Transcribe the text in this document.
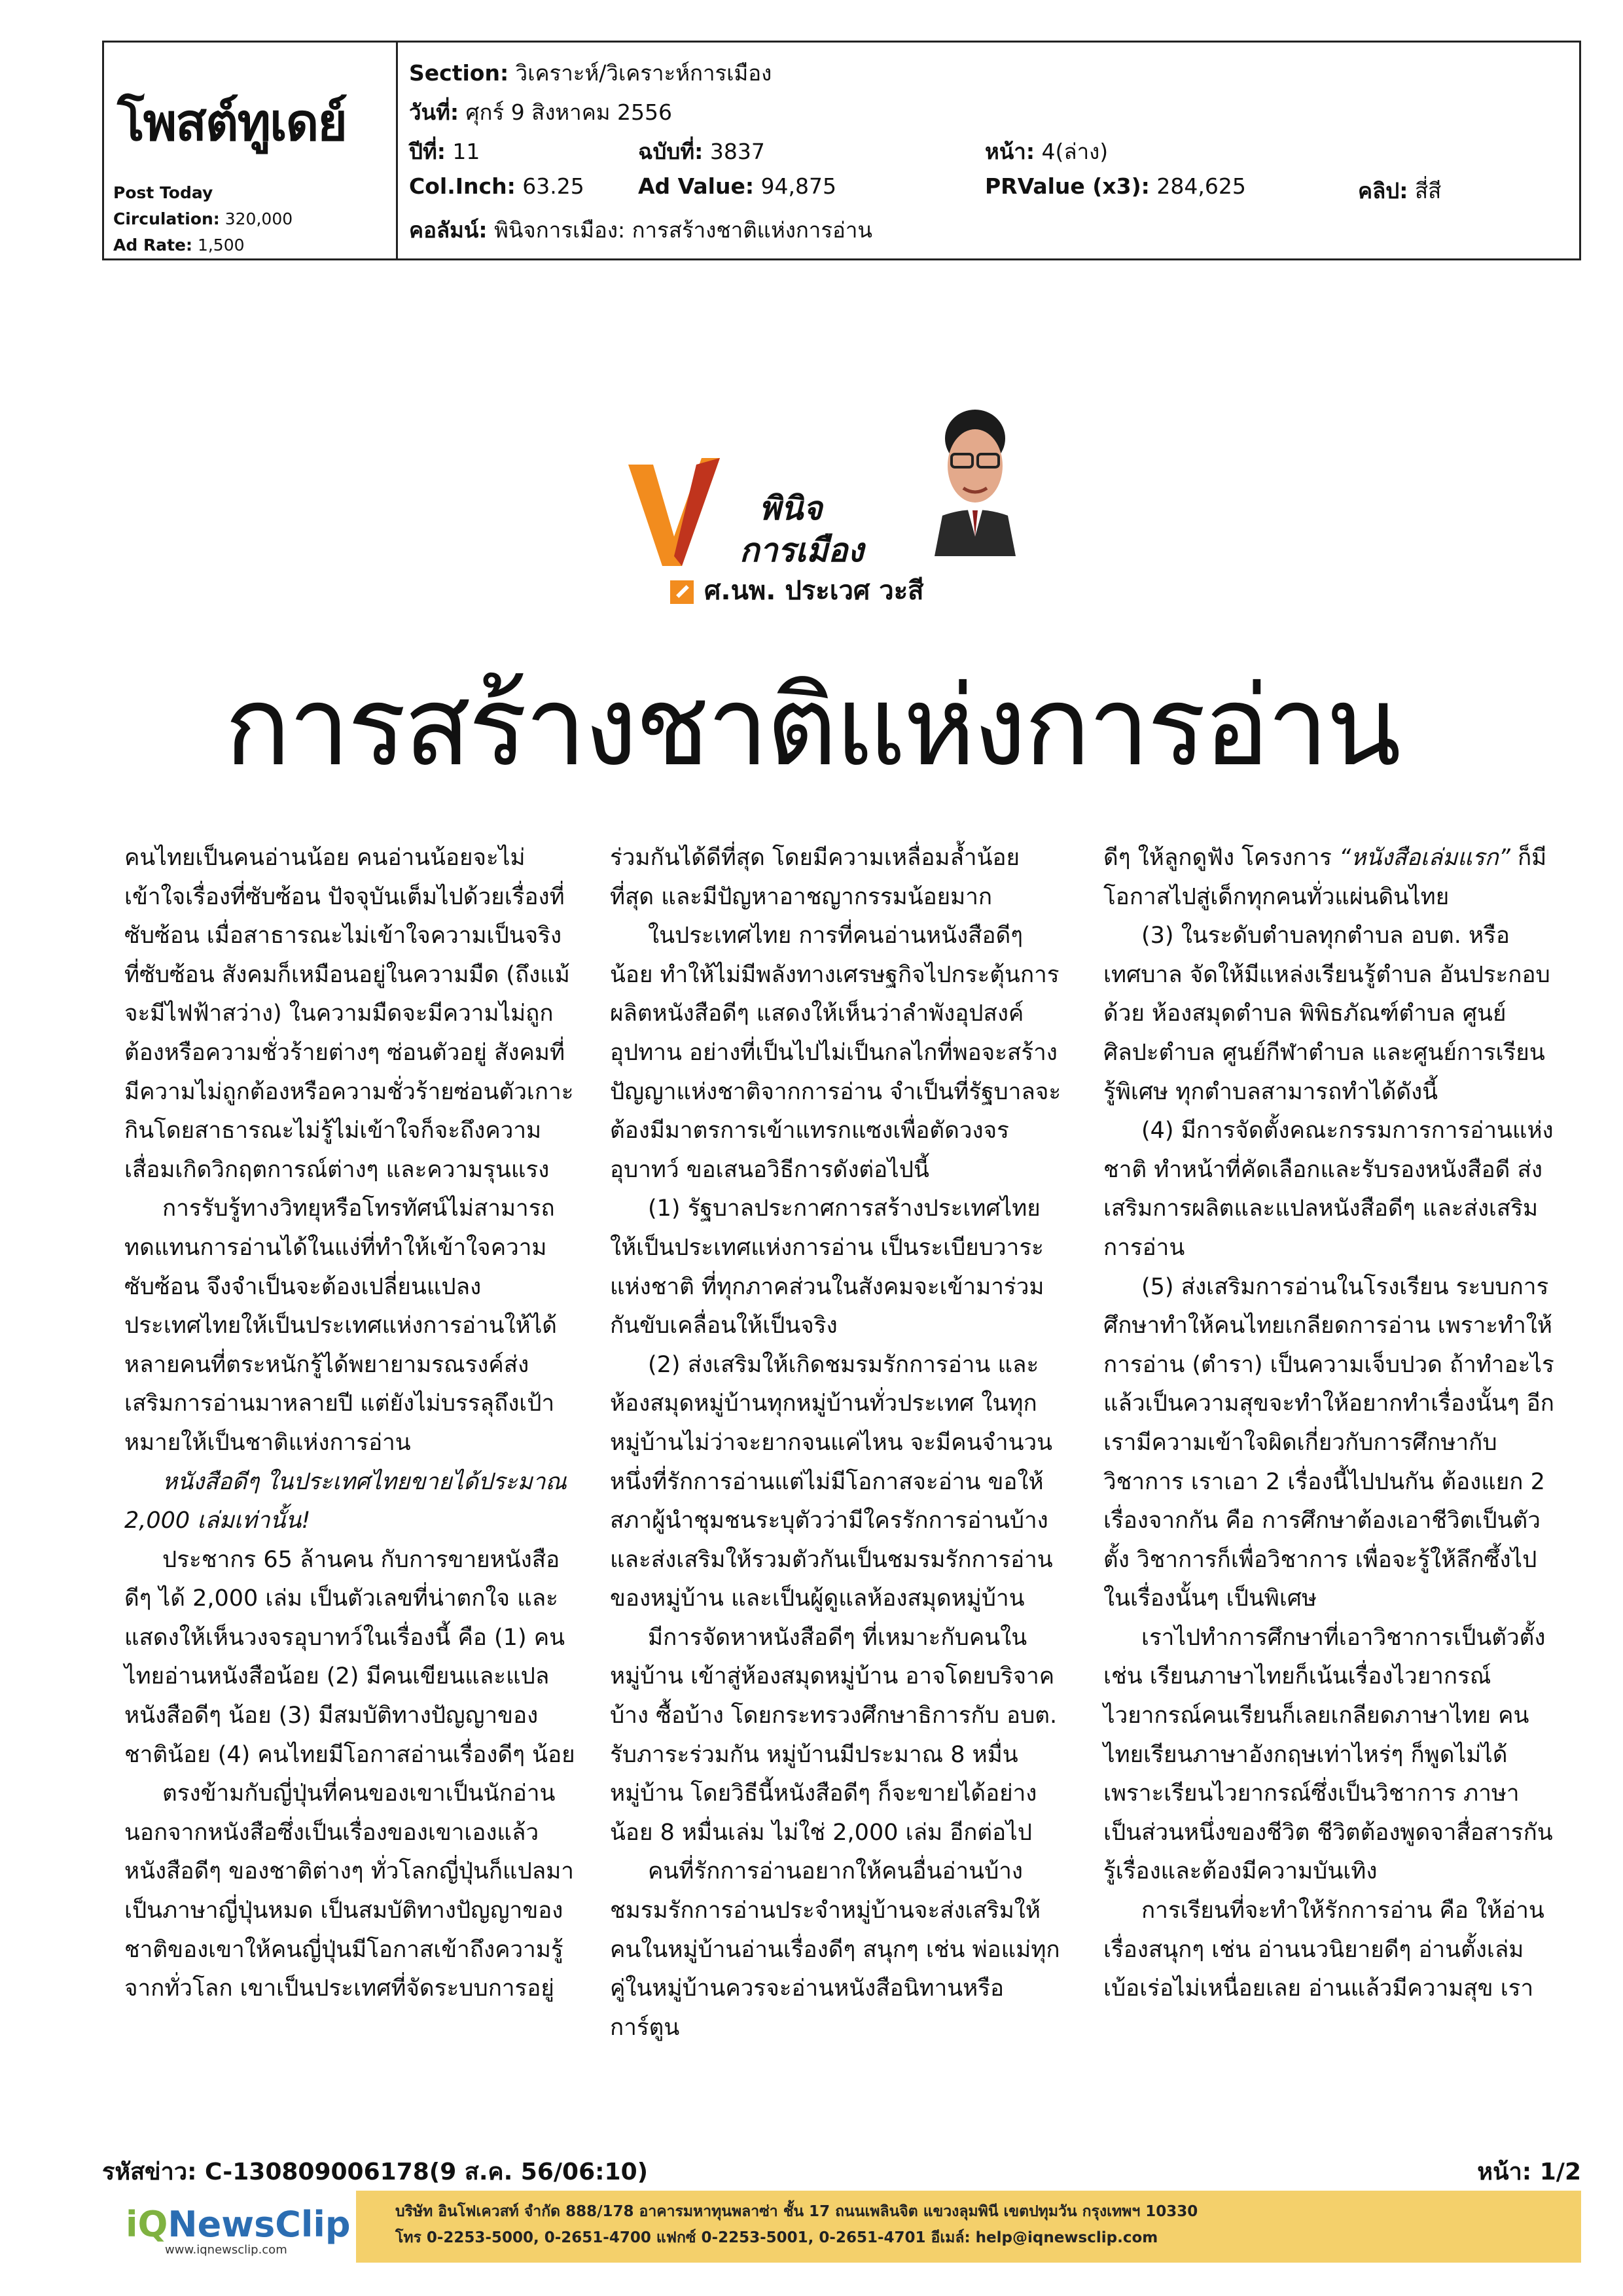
โพสต์ทูเดย์
Post Today
Circulation: 320,000
Ad Rate: 1,500
Section: วิเคราะห์/วิเคราะห์การเมือง
วันที่: ศุกร์ 9 สิงหาคม 2556
ปีที่: 11	ฉบับที่: 3837	หน้า: 4(ล่าง)
Col.Inch: 63.25 Ad Value: 94,875	PRValue (x3): 284,625	คลิป: สี่สี
คอลัมน์: พินิจการเมือง: การสร้างชาติแห่งการอ่าน
พินิจ
การเมือง
ศ.นพ. ประเวศ วะสี
การสร้างชาติแห่งการอ่าน

คนไทยเป็นคนอ่านน้อย คนอ่านน้อยจะไม่เข้าใจเรื่องที่ซับซ้อน ปัจจุบันเต็มไปด้วยเรื่องที่ซับซ้อน เมื่อสาธารณะไม่เข้าใจความเป็นจริงที่ซับซ้อน สังคมก็เหมือนอยู่ในความมืด (ถึงแม้จะมีไฟฟ้าสว่าง) ในความมืดจะมีความไม่ถูกต้องหรือความชั่วร้ายต่างๆ ซ่อนตัวอยู่ สังคมที่มีความไม่ถูกต้องหรือความชั่วร้ายซ่อนตัวเกาะกินโดยสาธารณะไม่รู้ไม่เข้าใจก็จะถึงความเสื่อมเกิดวิกฤตการณ์ต่างๆ และความรุนแรง

การรับรู้ทางวิทยุหรือโทรทัศน์ไม่สามารถทดแทนการอ่านได้ในแง่ที่ทำให้เข้าใจความซับซ้อน จึงจำเป็นจะต้องเปลี่ยนแปลงประเทศไทยให้เป็นประเทศแห่งการอ่านให้ได้ หลายคนที่ตระหนักรู้ได้พยายามรณรงค์ส่งเสริมการอ่านมาหลายปี แต่ยังไม่บรรลุถึงเป้าหมายให้เป็นชาติแห่งการอ่าน

หนังสือดีๆ ในประเทศไทยขายได้ประมาณ 2,000 เล่มเท่านั้น!

ประชากร 65 ล้านคน กับการขายหนังสือดีๆ ได้ 2,000 เล่ม เป็นตัวเลขที่น่าตกใจ และแสดงให้เห็นวงจรอุบาทว์ในเรื่องนี้ คือ (1) คนไทยอ่านหนังสือน้อย (2) มีคนเขียนและแปลหนังสือดีๆ น้อย (3) มีสมบัติทางปัญญาของชาติน้อย (4) คนไทยมีโอกาสอ่านเรื่องดีๆ น้อย

ตรงข้ามกับญี่ปุ่นที่คนของเขาเป็นนักอ่านนอกจากหนังสือซึ่งเป็นเรื่องของเขาเองแล้ว หนังสือดีๆ ของชาติต่างๆ ทั่วโลกญี่ปุ่นก็แปลมาเป็นภาษาญี่ปุ่นหมด เป็นสมบัติทางปัญญาของชาติของเขาให้คนญี่ปุ่นมีโอกาสเข้าถึงความรู้จากทั่วโลก เขาเป็นประเทศที่จัดระบบการอยู่

ร่วมกันได้ดีที่สุด โดยมีความเหลื่อมล้ำน้อยที่สุด และมีปัญหาอาชญากรรมน้อยมาก

ในประเทศไทย การที่คนอ่านหนังสือดีๆ น้อย ทำให้ไม่มีพลังทางเศรษฐกิจไปกระตุ้นการผลิตหนังสือดีๆ แสดงให้เห็นว่าลำพังอุปสงค์อุปทาน อย่างที่เป็นไปไม่เป็นกลไกที่พอจะสร้างปัญญาแห่งชาติจากการอ่าน จำเป็นที่รัฐบาลจะต้องมีมาตรการเข้าแทรกแซงเพื่อตัดวงจรอุบาทว์ ขอเสนอวิธีการดังต่อไปนี้

(1) รัฐบาลประกาศการสร้างประเทศไทยให้เป็นประเทศแห่งการอ่าน เป็นระเบียบวาระแห่งชาติ ที่ทุกภาคส่วนในสังคมจะเข้ามาร่วมกันขับเคลื่อนให้เป็นจริง

(2) ส่งเสริมให้เกิดชมรมรักการอ่าน และห้องสมุดหมู่บ้านทุกหมู่บ้านทั่วประเทศ ในทุกหมู่บ้านไม่ว่าจะยากจนแค่ไหน จะมีคนจำนวนหนึ่งที่รักการอ่านแต่ไม่มีโอกาสจะอ่าน ขอให้สภาผู้นำชุมชนระบุตัวว่ามีใครรักการอ่านบ้าง และส่งเสริมให้รวมตัวกันเป็นชมรมรักการอ่านของหมู่บ้าน และเป็นผู้ดูแลห้องสมุดหมู่บ้าน

มีการจัดหาหนังสือดีๆ ที่เหมาะกับคนในหมู่บ้าน เข้าสู่ห้องสมุดหมู่บ้าน อาจโดยบริจาคบ้าง ซื้อบ้าง โดยกระทรวงศึกษาธิการกับ อบต. รับภาระร่วมกัน หมู่บ้านมีประมาณ 8 หมื่นหมู่บ้าน โดยวิธีนี้หนังสือดีๆ ก็จะขายได้อย่างน้อย 8 หมื่นเล่ม ไม่ใช่ 2,000 เล่ม อีกต่อไป

คนที่รักการอ่านอยากให้คนอื่นอ่านบ้าง ชมรมรักการอ่านประจำหมู่บ้านจะส่งเสริมให้คนในหมู่บ้านอ่านเรื่องดีๆ สนุกๆ เช่น พ่อแม่ทุกคู่ในหมู่บ้านควรจะอ่านหนังสือนิทานหรือการ์ตูน

ดีๆ ให้ลูกดูฟัง โครงการ “หนังสือเล่มแรก” ก็มีโอกาสไปสู่เด็กทุกคนทั่วแผ่นดินไทย

(3) ในระดับตำบลทุกตำบล อบต. หรือเทศบาล จัดให้มีแหล่งเรียนรู้ตำบล อันประกอบด้วย ห้องสมุดตำบล พิพิธภัณฑ์ตำบล ศูนย์ศิลปะตำบล ศูนย์กีฬาตำบล และศูนย์การเรียนรู้พิเศษ ทุกตำบลสามารถทำได้ดังนี้

(4) มีการจัดตั้งคณะกรรมการการอ่านแห่งชาติ ทำหน้าที่คัดเลือกและรับรองหนังสือดี ส่งเสริมการผลิตและแปลหนังสือดีๆ และส่งเสริมการอ่าน

(5) ส่งเสริมการอ่านในโรงเรียน ระบบการศึกษาทำให้คนไทยเกลียดการอ่าน เพราะทำให้การอ่าน (ตำรา) เป็นความเจ็บปวด ถ้าทำอะไรแล้วเป็นความสุขจะทำให้อยากทำเรื่องนั้นๆ อีก เรามีความเข้าใจผิดเกี่ยวกับการศึกษากับวิชาการ เราเอา 2 เรื่องนี้ไปปนกัน ต้องแยก 2 เรื่องจากกัน คือ การศึกษาต้องเอาชีวิตเป็นตัวตั้ง วิชาการก็เพื่อวิชาการ เพื่อจะรู้ให้ลึกซึ้งไปในเรื่องนั้นๆ เป็นพิเศษ

เราไปทำการศึกษาที่เอาวิชาการเป็นตัวตั้ง เช่น เรียนภาษาไทยก็เน้นเรื่องไวยากรณ์ ไวยากรณ์คนเรียนก็เลยเกลียดภาษาไทย คนไทยเรียนภาษาอังกฤษเท่าไหร่ๆ ก็พูดไม่ได้ เพราะเรียนไวยากรณ์ซึ่งเป็นวิชาการ ภาษาเป็นส่วนหนึ่งของชีวิต ชีวิตต้องพูดจาสื่อสารกันรู้เรื่องและต้องมีความบันเทิง

การเรียนที่จะทำให้รักการอ่าน คือ ให้อ่านเรื่องสนุกๆ เช่น อ่านนวนิยายดีๆ อ่านตั้งเล่มเบ้อเร่อไม่เหนื่อยเลย อ่านแล้วมีความสุข เรา

รหัสข่าว: C-130809006178(9 ส.ค. 56/06:10)	หน้า: 1/2
iQNewsClip
www.iqnewsclip.com
บริษัท อินโฟเควสท์ จำกัด 888/178 อาคารมหาทุนพลาซ่า ชั้น 17 ถนนเพลินจิต แขวงลุมพินี เขตปทุมวัน กรุงเทพฯ 10330
โทร 0-2253-5000, 0-2651-4700 แฟกซ์ 0-2253-5001, 0-2651-4701 อีเมล์: help@iqnewsclip.com
